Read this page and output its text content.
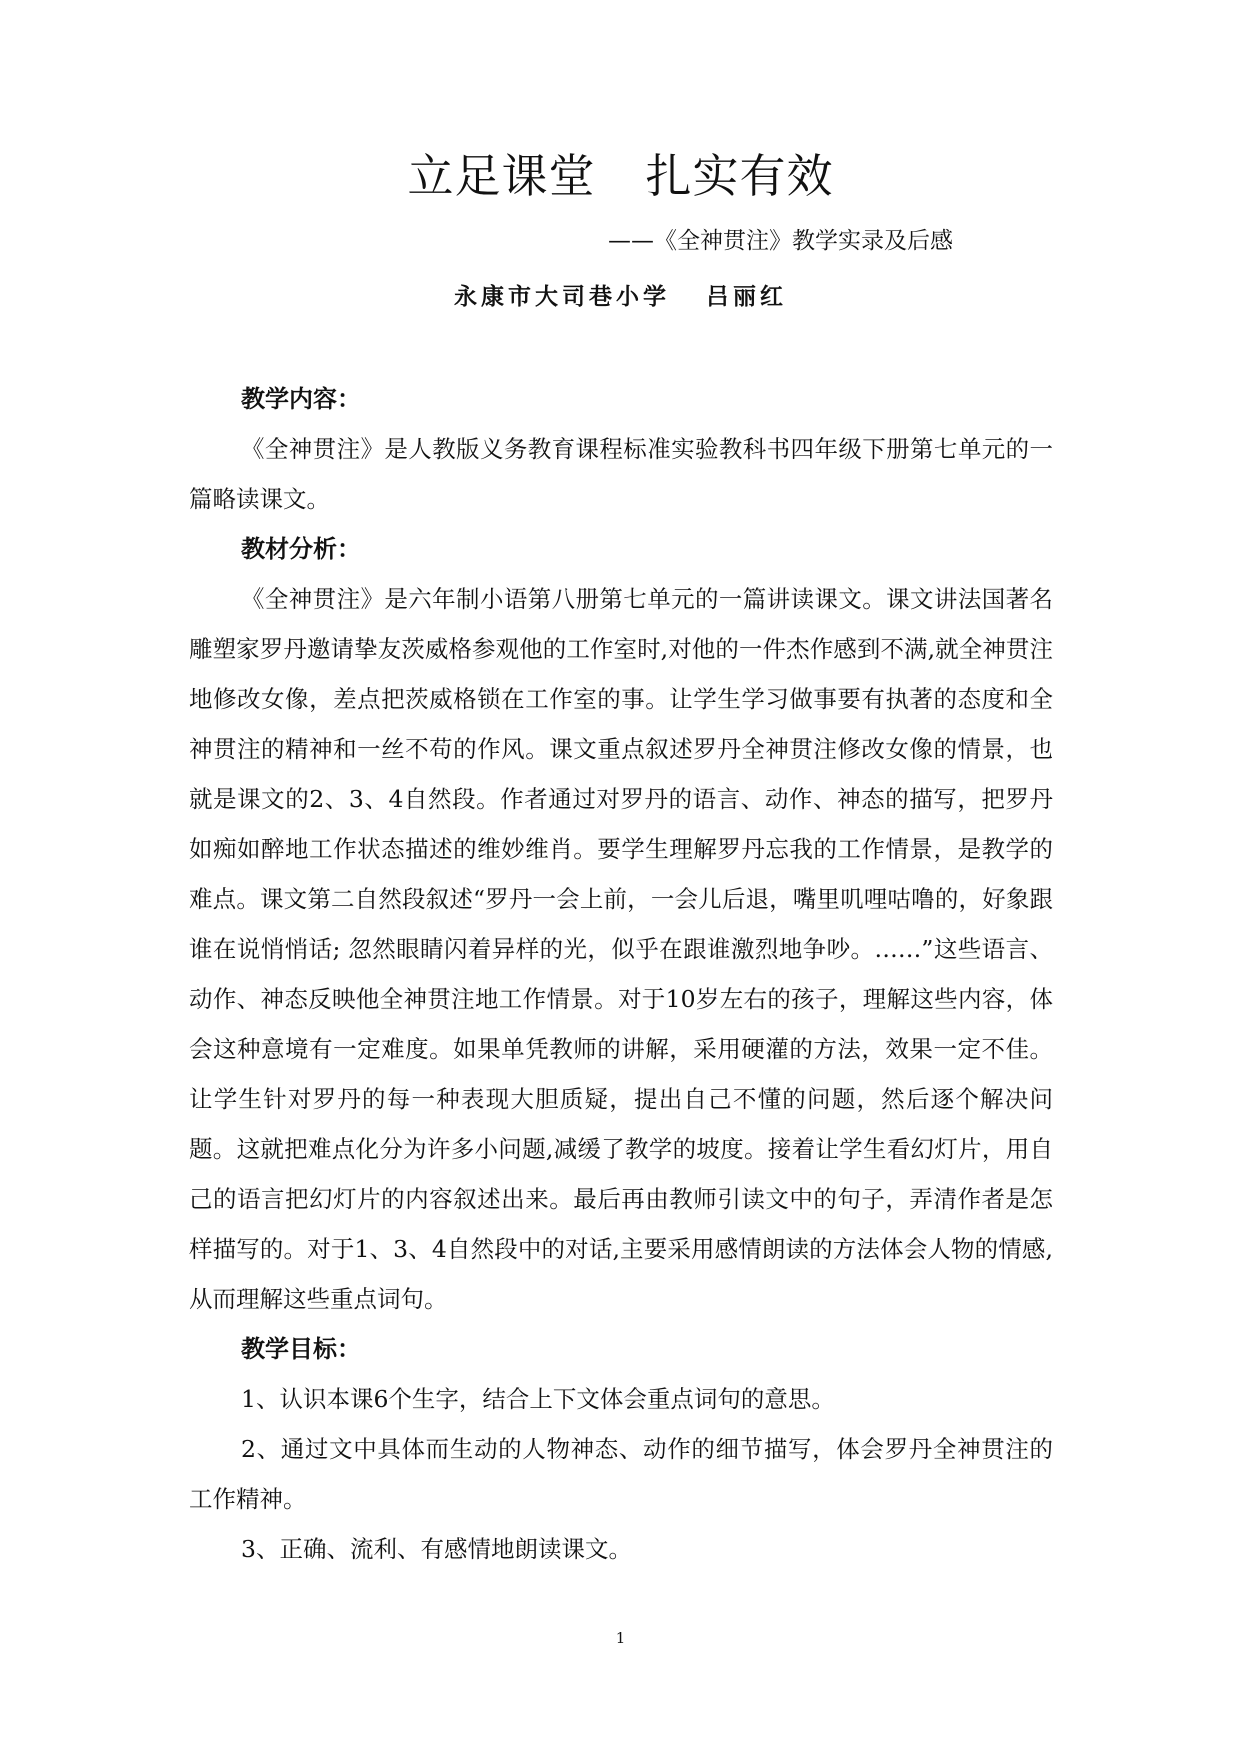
立足课堂 扎实有效
——《全神贯注》教学实录及后感
永康市大司巷小学 吕丽红

教学内容：

《全神贯注》是人教版义务教育课程标准实验教科书四年级下册第七单元的一篇略读课文。

教材分析：

《全神贯注》是六年制小语第八册第七单元的一篇讲读课文。课文讲法国著名雕塑家罗丹邀请挚友茨威格参观他的工作室时,对他的一件杰作感到不满,就全神贯注地修改女像，差点把茨威格锁在工作室的事。让学生学习做事要有执著的态度和全神贯注的精神和一丝不苟的作风。课文重点叙述罗丹全神贯注修改女像的情景，也就是课文的2、3、4自然段。作者通过对罗丹的语言、动作、神态的描写，把罗丹如痴如醉地工作状态描述的维妙维肖。要学生理解罗丹忘我的工作情景，是教学的难点。课文第二自然段叙述“罗丹一会上前，一会儿后退，嘴里叽哩咕噜的，好象跟谁在说悄悄话; 忽然眼睛闪着异样的光，似乎在跟谁激烈地争吵。……”这些语言、动作、神态反映他全神贯注地工作情景。对于10岁左右的孩子，理解这些内容，体会这种意境有一定难度。如果单凭教师的讲解，采用硬灌的方法，效果一定不佳。让学生针对罗丹的每一种表现大胆质疑，提出自己不懂的问题，然后逐个解决问题。这就把难点化分为许多小问题,减缓了教学的坡度。接着让学生看幻灯片，用自己的语言把幻灯片的内容叙述出来。最后再由教师引读文中的句子，弄清作者是怎样描写的。对于1、3、4自然段中的对话,主要采用感情朗读的方法体会人物的情感,从而理解这些重点词句。

教学目标：

1、认识本课6个生字，结合上下文体会重点词句的意思。

2、通过文中具体而生动的人物神态、动作的细节描写，体会罗丹全神贯注的工作精神。

3、正确、流利、有感情地朗读课文。

1
